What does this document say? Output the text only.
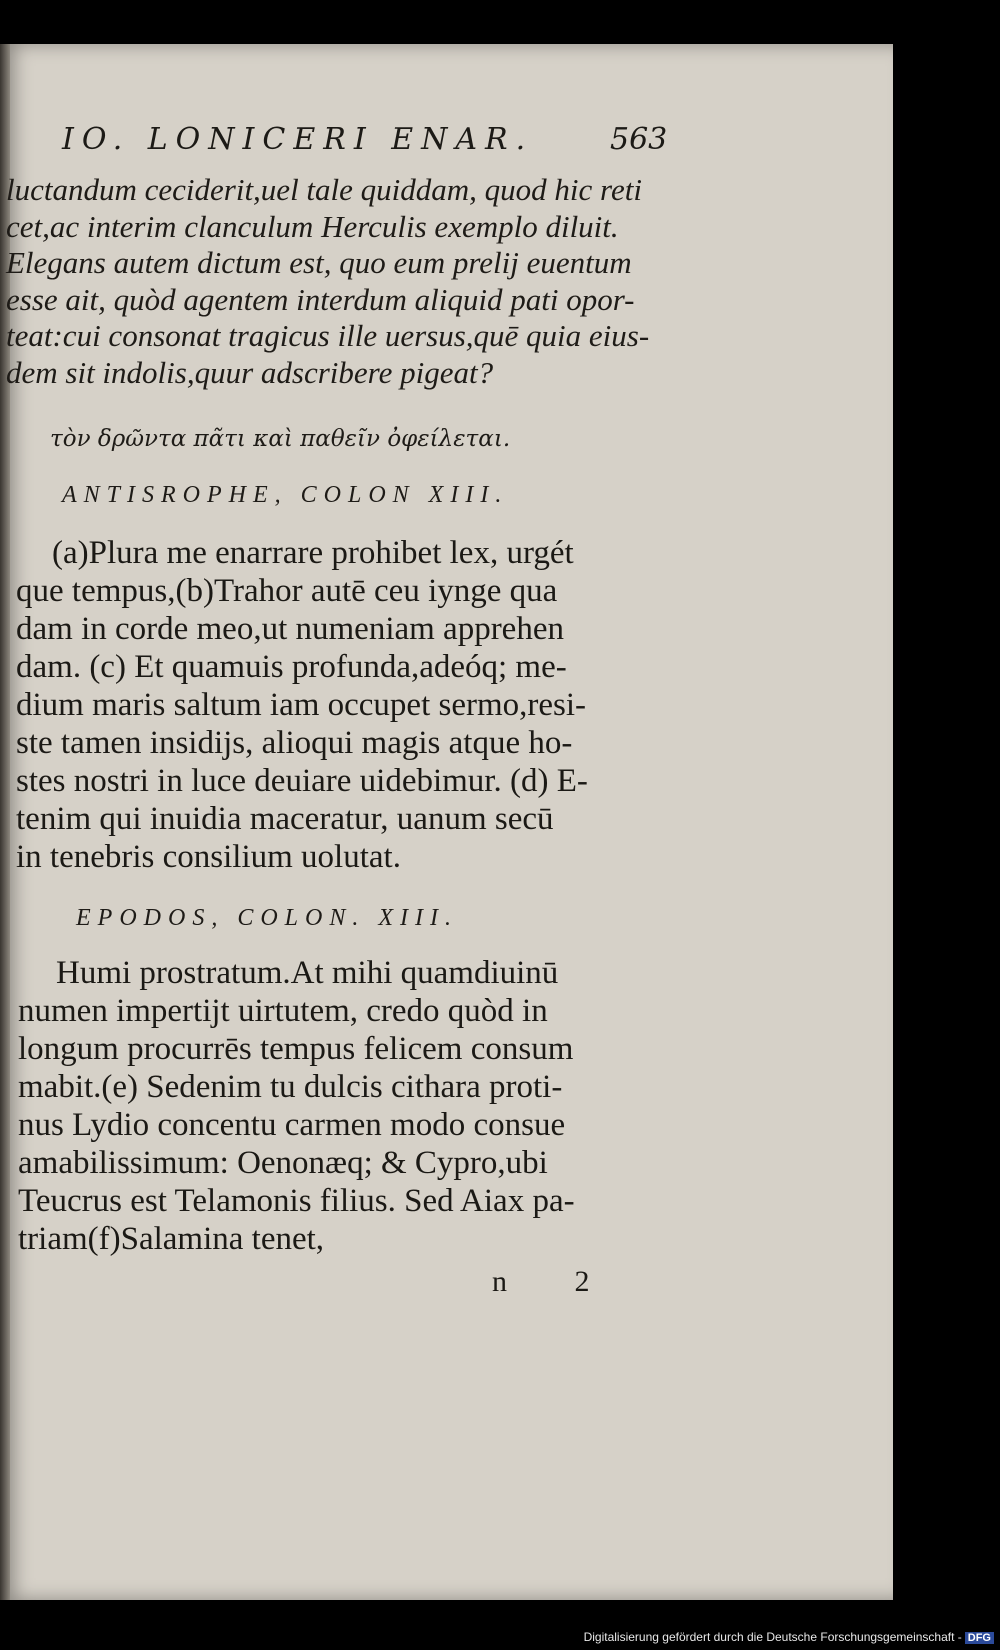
IO. LONICERI ENAR.	563
luctandum ceciderit,uel tale quiddam, quod hic reti
cet,ac interim clanculum Herculis exemplo diluit.
Elegans autem dictum est, quo eum prelij euentum
esse ait, quòd agentem interdum aliquid pati opor-
teat:cui consonat tragicus ille uersus,quē quia eius-
dem sit indolis,quur adscribere pigeat?
τὸν δρῶντα πᾶτι καὶ παθεῖν ὀφείλεται.
ANTISROPHE, COLON XIII.
(a)Plura me enarrare prohibet lex, urgét
que tempus,(b)Trahor autē ceu iynge qua
dam in corde meo,ut numeniam apprehen
dam. (c) Et quamuis profunda,adeóq; me-
dium maris saltum iam occupet sermo,resi-
ste tamen insidijs, alioqui magis atque ho-
stes nostri in luce deuiare uidebimur. (d) E-
tenim qui inuidia maceratur, uanum secū
in tenebris consilium uolutat.
EPODOS, COLON. XIII.
Humi prostratum.At mihi quamdiuinū
numen impertijt uirtutem, credo quòd in
longum procurrēs tempus felicem consum
mabit.(e) Sedenim tu dulcis cithara proti-
nus Lydio concentu carmen modo consue
amabilissimum: Oenonæq; & Cypro,ubi
Teucrus est Telamonis filius. Sed Aiax pa-
triam(f)Salamina tenet,
n 2
Digitalisierung gefördert durch die Deutsche Forschungsgemeinschaft - DFG
